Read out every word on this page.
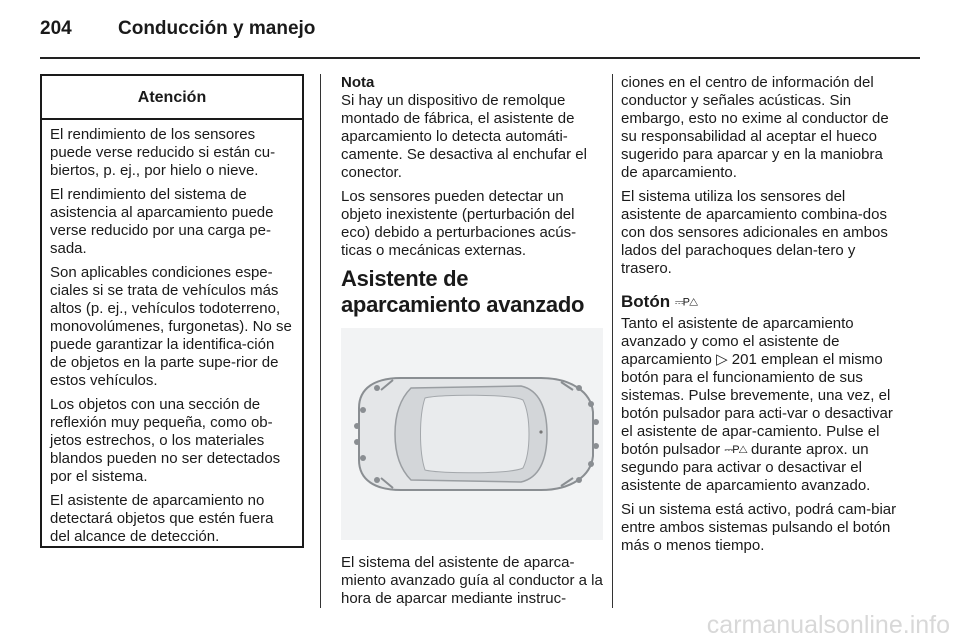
204 Conducción y manejo
Atención

El rendimiento de los sensores puede verse reducido si están cu-biertos, p. ej., por hielo o nieve.

El rendimiento del sistema de asistencia al aparcamiento puede verse reducido por una carga pe-sada.

Son aplicables condiciones espe-ciales si se trata de vehículos más altos (p. ej., vehículos todoterreno, monovolúmenes, furgonetas). No se puede garantizar la identifica-ción de objetos en la parte supe-rior de estos vehículos.

Los objetos con una sección de reflexión muy pequeña, como ob-jetos estrechos, o los materiales blandos pueden no ser detectados por el sistema.

El asistente de aparcamiento no detectará objetos que estén fuera del alcance de detección.

Nota

Si hay un dispositivo de remolque montado de fábrica, el asistente de aparcamiento lo detecta automáti-camente. Se desactiva al enchufar el conector.

Los sensores pueden detectar un objeto inexistente (perturbación del eco) debido a perturbaciones acús-ticas o mecánicas externas.

Asistente de aparcamiento avanzado

El sistema del asistente de aparca-miento avanzado guía al conductor a la hora de aparcar mediante instruc-

ciones en el centro de información del conductor y señales acústicas. Sin embargo, esto no exime al conductor de su responsabilidad al aceptar el hueco sugerido para aparcar y en la maniobra de aparcamiento.

El sistema utiliza los sensores del asistente de aparcamiento combina-dos con dos sensores adicionales en ambos lados del parachoques delan-tero y trasero.

Botón ⎓P△

Tanto el asistente de aparcamiento avanzado y como el asistente de aparcamiento ▷ 201 emplean el mismo botón para el funcionamiento de sus sistemas. Pulse brevemente, una vez, el botón pulsador para acti-var o desactivar el asistente de apar-camiento. Pulse el botón pulsador ⎓P△ durante aprox. un segundo para activar o desactivar el asistente de aparcamiento avanzado.

Si un sistema está activo, podrá cam-biar entre ambos sistemas pulsando el botón más o menos tiempo.

carmanualsonline.info
